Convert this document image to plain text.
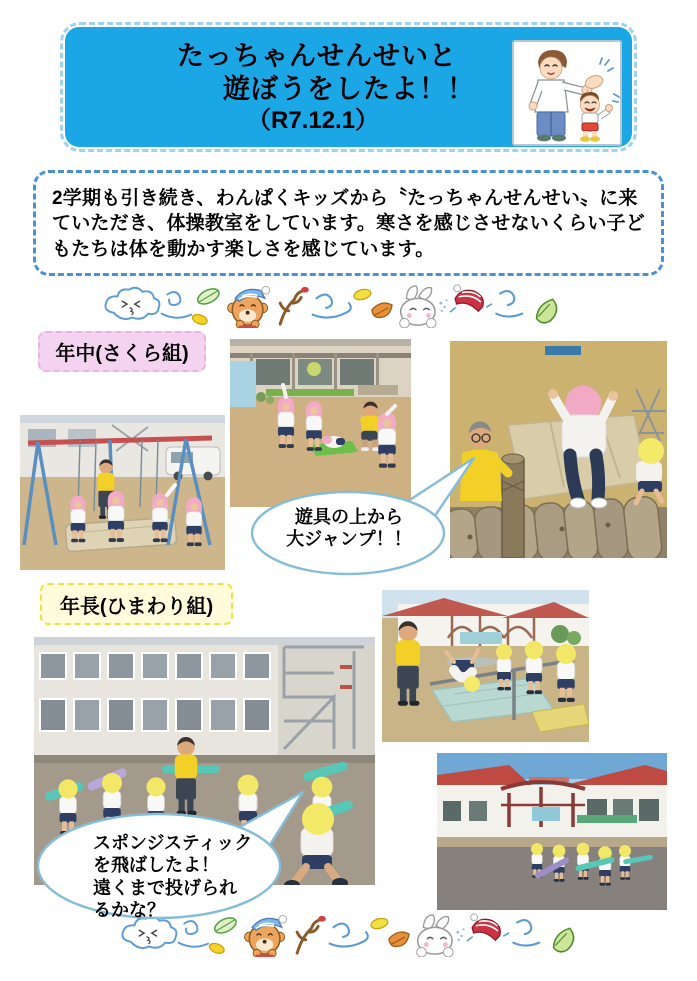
たっちゃんせんせいと
遊ぼうをしたよ！！
（R7.12.1）
2学期も引き続き、わんぱくキッズから〝たっちゃんせんせい〟に来ていただき、体操教室をしています。寒さを感じさせないくらい子どもたちは体を動かす楽しさを感じています。
年中(さくら組)
遊具の上から
大ジャンプ！！
年長(ひまわり組)
スポンジスティック
を飛ばしたよ！
遠くまで投げられ
るかな？
